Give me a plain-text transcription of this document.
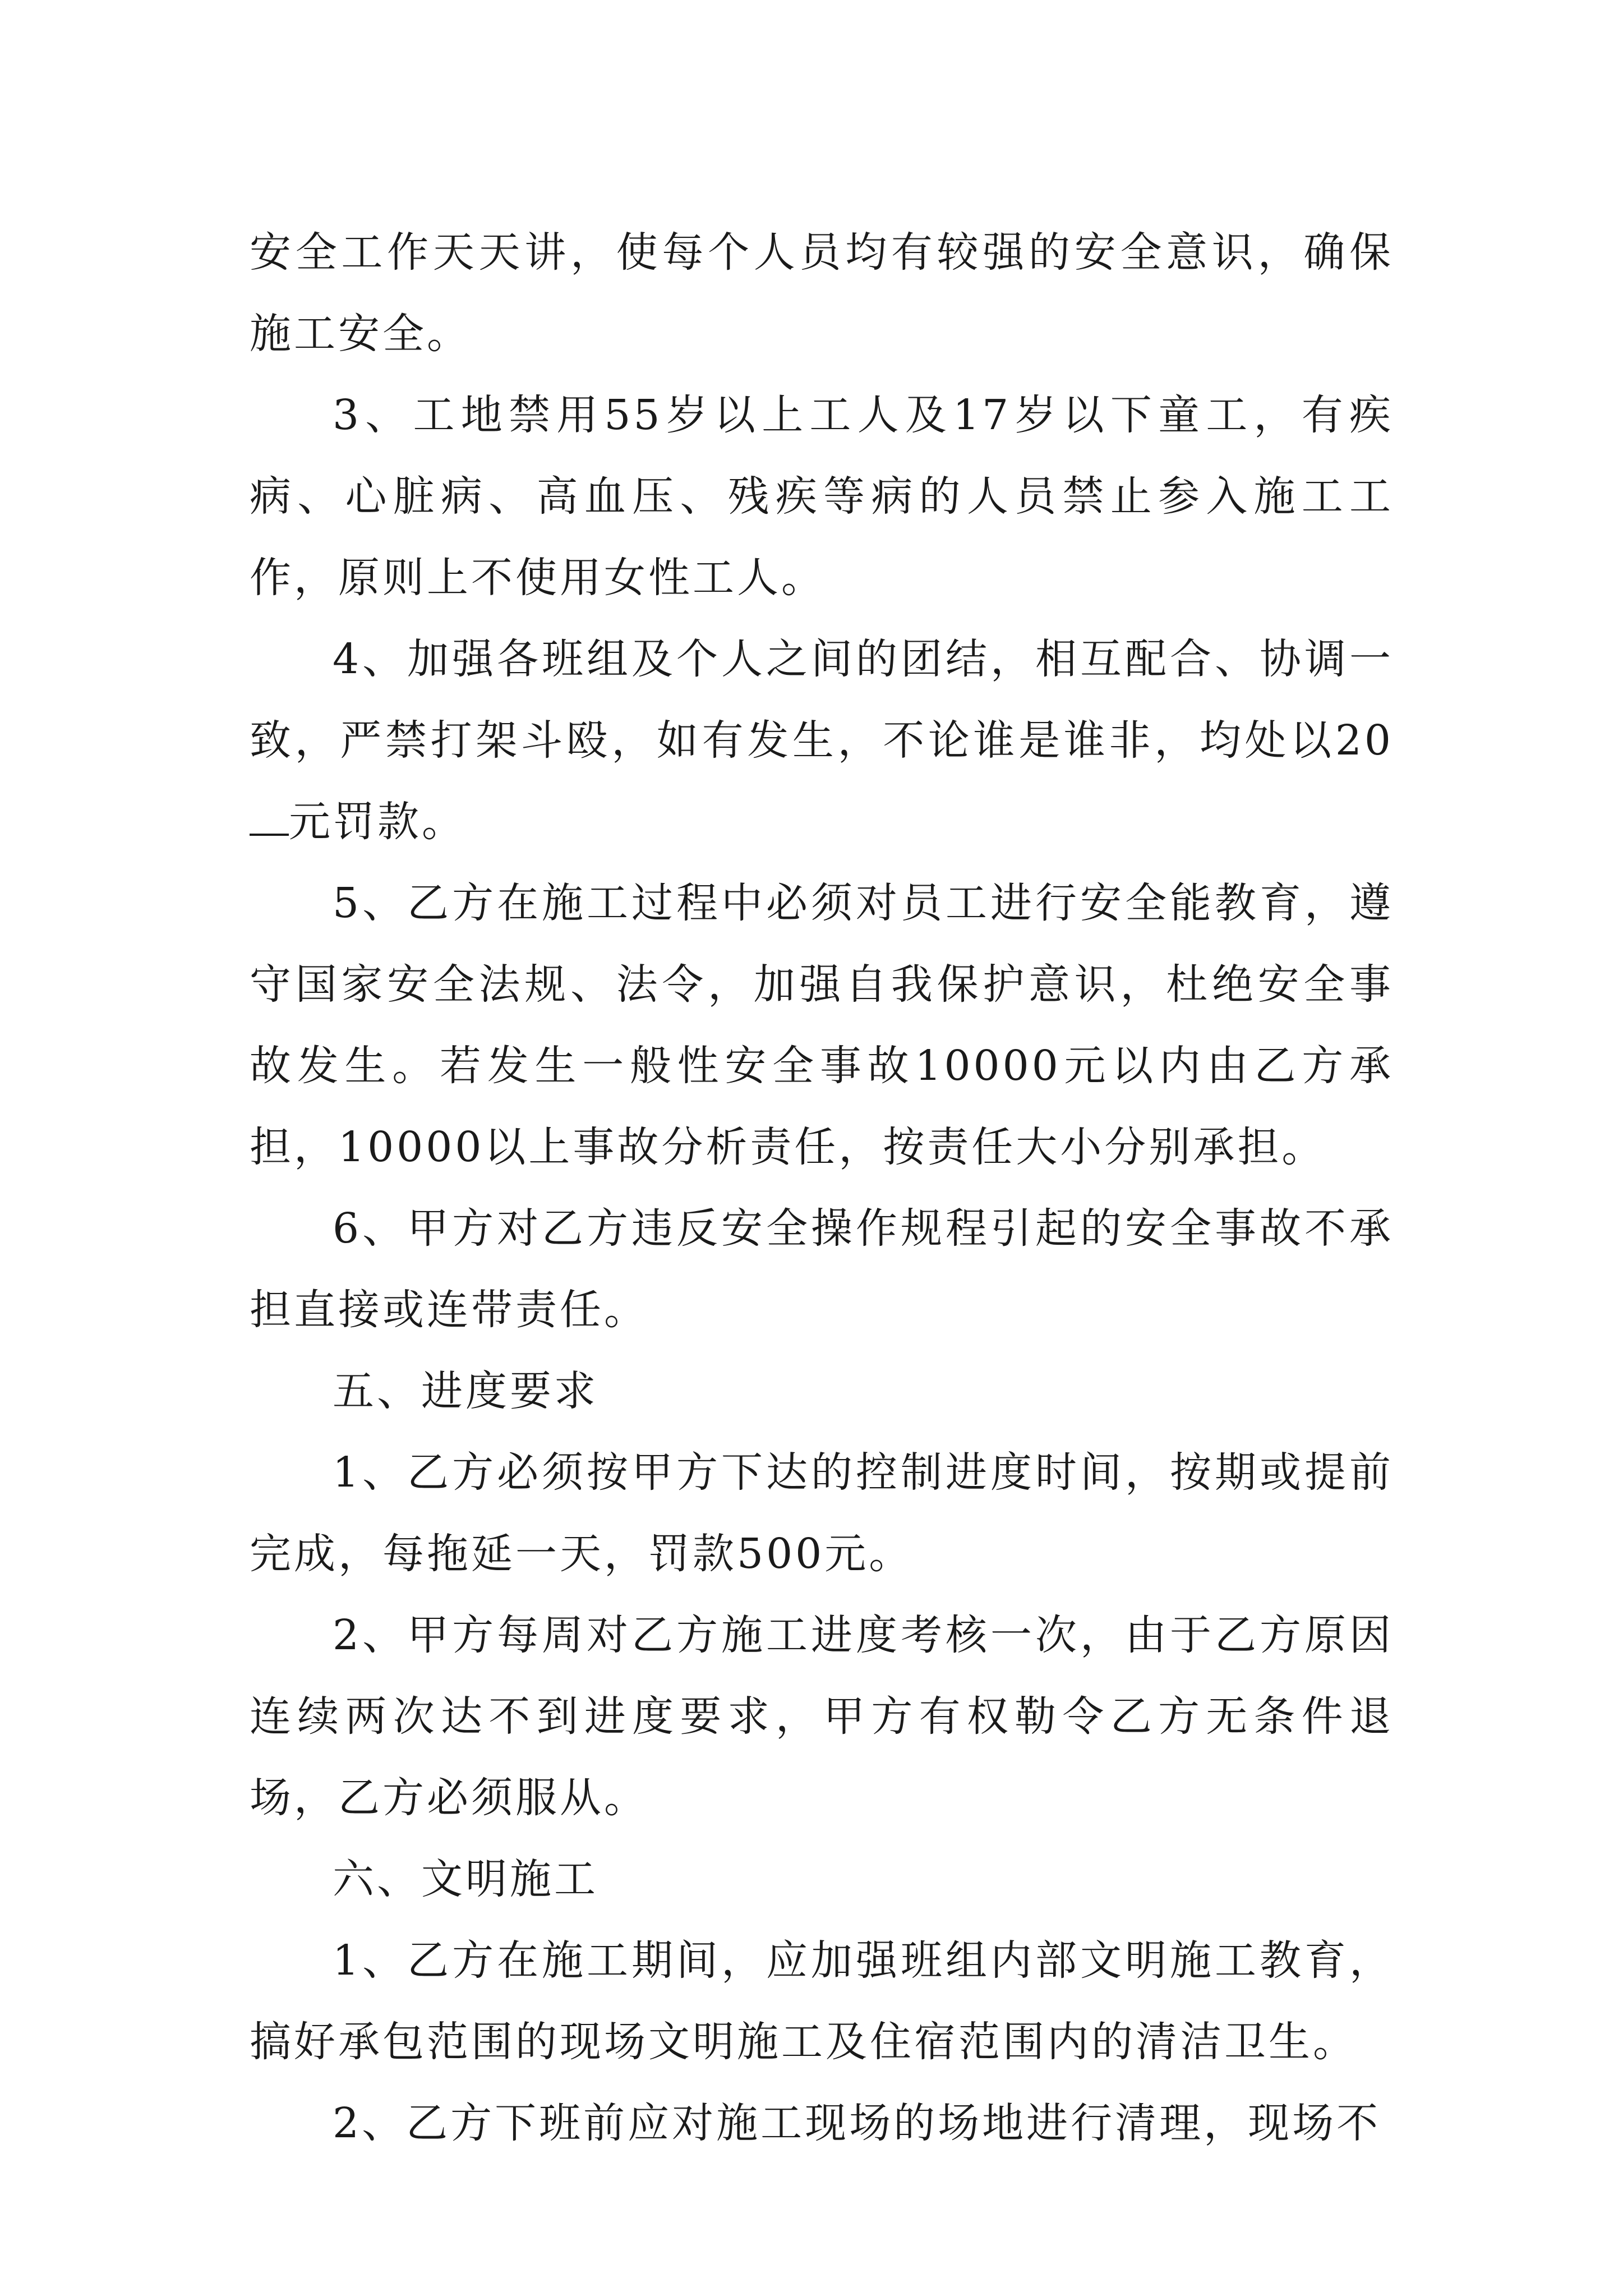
安全工作天天讲，使每个人员均有较强的安全意识，确保施工安全。

3、工地禁用55岁以上工人及17岁以下童工，有疾病、心脏病、高血压、残疾等病的人员禁止参入施工工作，原则上不使用女性工人。

4、加强各班组及个人之间的团结，相互配合、协调一致，严禁打架斗殴，如有发生，不论谁是谁非，均处以20元罚款。

5、乙方在施工过程中必须对员工进行安全能教育，遵守国家安全法规、法令，加强自我保护意识，杜绝安全事故发生。若发生一般性安全事故10000元以内由乙方承担，10000以上事故分析责任，按责任大小分别承担。

6、甲方对乙方违反安全操作规程引起的安全事故不承担直接或连带责任。

五、进度要求

1、乙方必须按甲方下达的控制进度时间，按期或提前完成，每拖延一天，罚款500元。

2、甲方每周对乙方施工进度考核一次，由于乙方原因连续两次达不到进度要求，甲方有权勒令乙方无条件退场，乙方必须服从。

六、文明施工

1、乙方在施工期间，应加强班组内部文明施工教育，搞好承包范围的现场文明施工及住宿范围内的清洁卫生。

2、乙方下班前应对施工现场的场地进行清理，现场不
